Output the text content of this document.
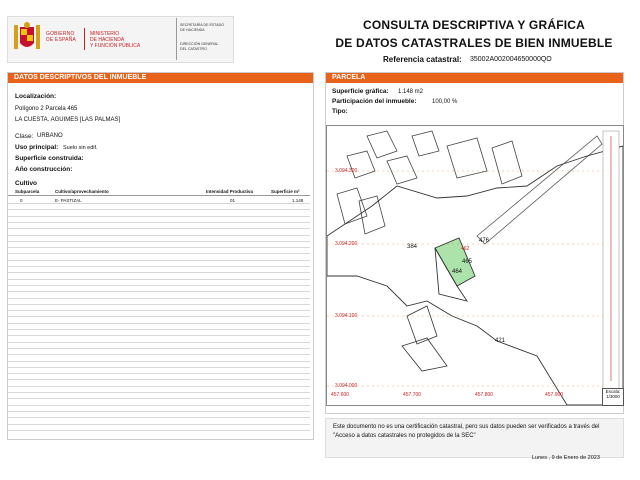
GOBIERNO
DE ESPAÑA
MINISTERIO
DE HACIENDA
Y FUNCIÓN PÚBLICA
SECRETARÍA DE ESTADO
DE HACIENDA
DIRECCIÓN GENERAL
DEL CATASTRO
CONSULTA DESCRIPTIVA Y GRÁFICA
DE DATOS CATASTRALES DE BIEN INMUEBLE
Referencia catastral: 35002A002004650000QO
DATOS DESCRIPTIVOS DEL INMUEBLE
Localización:
Polígono 2 Parcela 465
LA CUESTA. AGUIMES [LAS PALMAS]
Clase: URBANO
Uso principal: Suelo sin edif.
Superficie construida:
Año construcción:
Cultivo
Subparcela	Cultivo/aprovechamiento	Intensidad Productiva	Superficie m²
0	E- PASTIZAL	01	1.148
PARCELA
Superficie gráfica: 1.148 m2
Participación del inmueble:	100,00 %
Tipo:
3.094.300
3.094.200
3.094.100
3.094.000
457.600	457.700	457.800	457.900
384
476
462
465
464
421
Escala:
1/3000
Este documento no es una certificación catastral, pero sus datos pueden ser verificados a través del "Acceso a datos catastrales no protegidos de la SEC"
Lunes , 9 de Enero de 2023
